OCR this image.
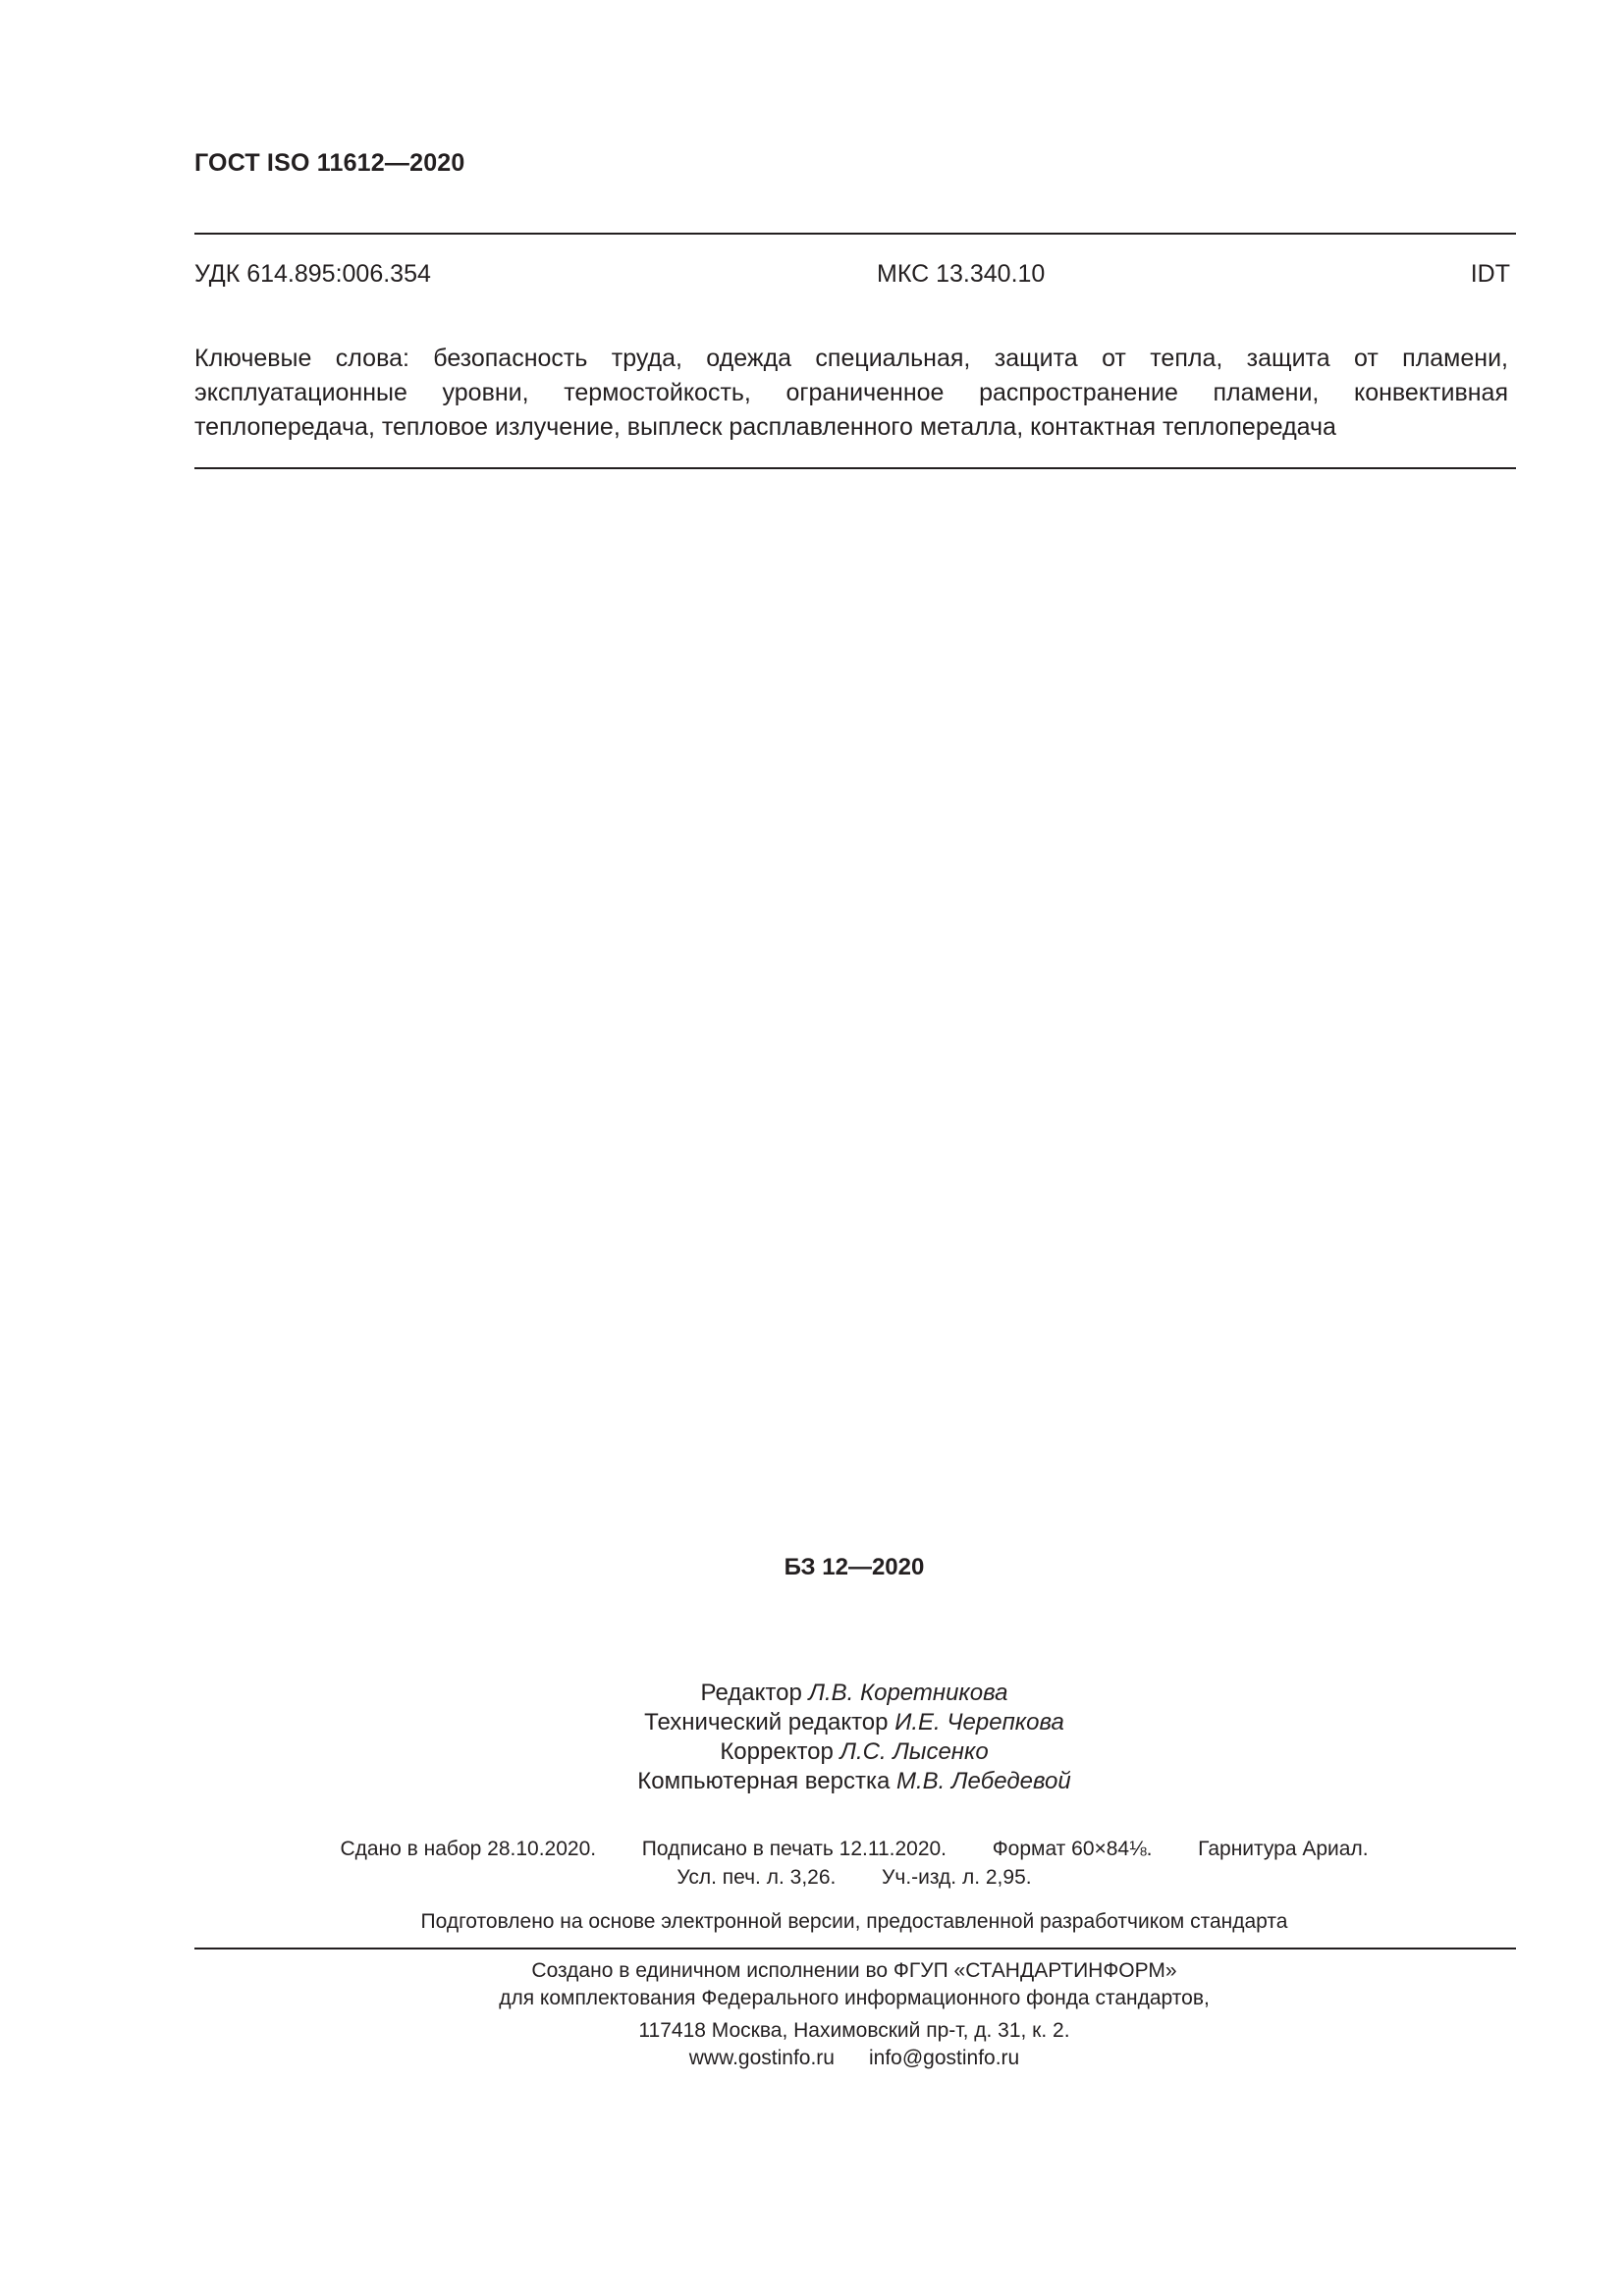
ГОСТ ISO 11612—2020
УДК 614.895:006.354	МКС 13.340.10	IDT
Ключевые слова: безопасность труда, одежда специальная, защита от тепла, защита от пламени, эксплуатационные уровни, термостойкость, ограниченное распространение пламени, конвективная теплопередача, тепловое излучение, выплеск расплавленного металла, контактная теплопередача
БЗ 12—2020
Редактор Л.В. Коретникова
Технический редактор И.Е. Черепкова
Корректор Л.С. Лысенко
Компьютерная верстка М.В. Лебедевой
Сдано в набор 28.10.2020. Подписано в печать 12.11.2020. Формат 60×84⅛. Гарнитура Ариал.
Усл. печ. л. 3,26. Уч.-изд. л. 2,95.
Подготовлено на основе электронной версии, предоставленной разработчиком стандарта
Создано в единичном исполнении во ФГУП «СТАНДАРТИНФОРМ»
для комплектования Федерального информационного фонда стандартов,
117418 Москва, Нахимовский пр-т, д. 31, к. 2.
www.gostinfo.ru info@gostinfo.ru
